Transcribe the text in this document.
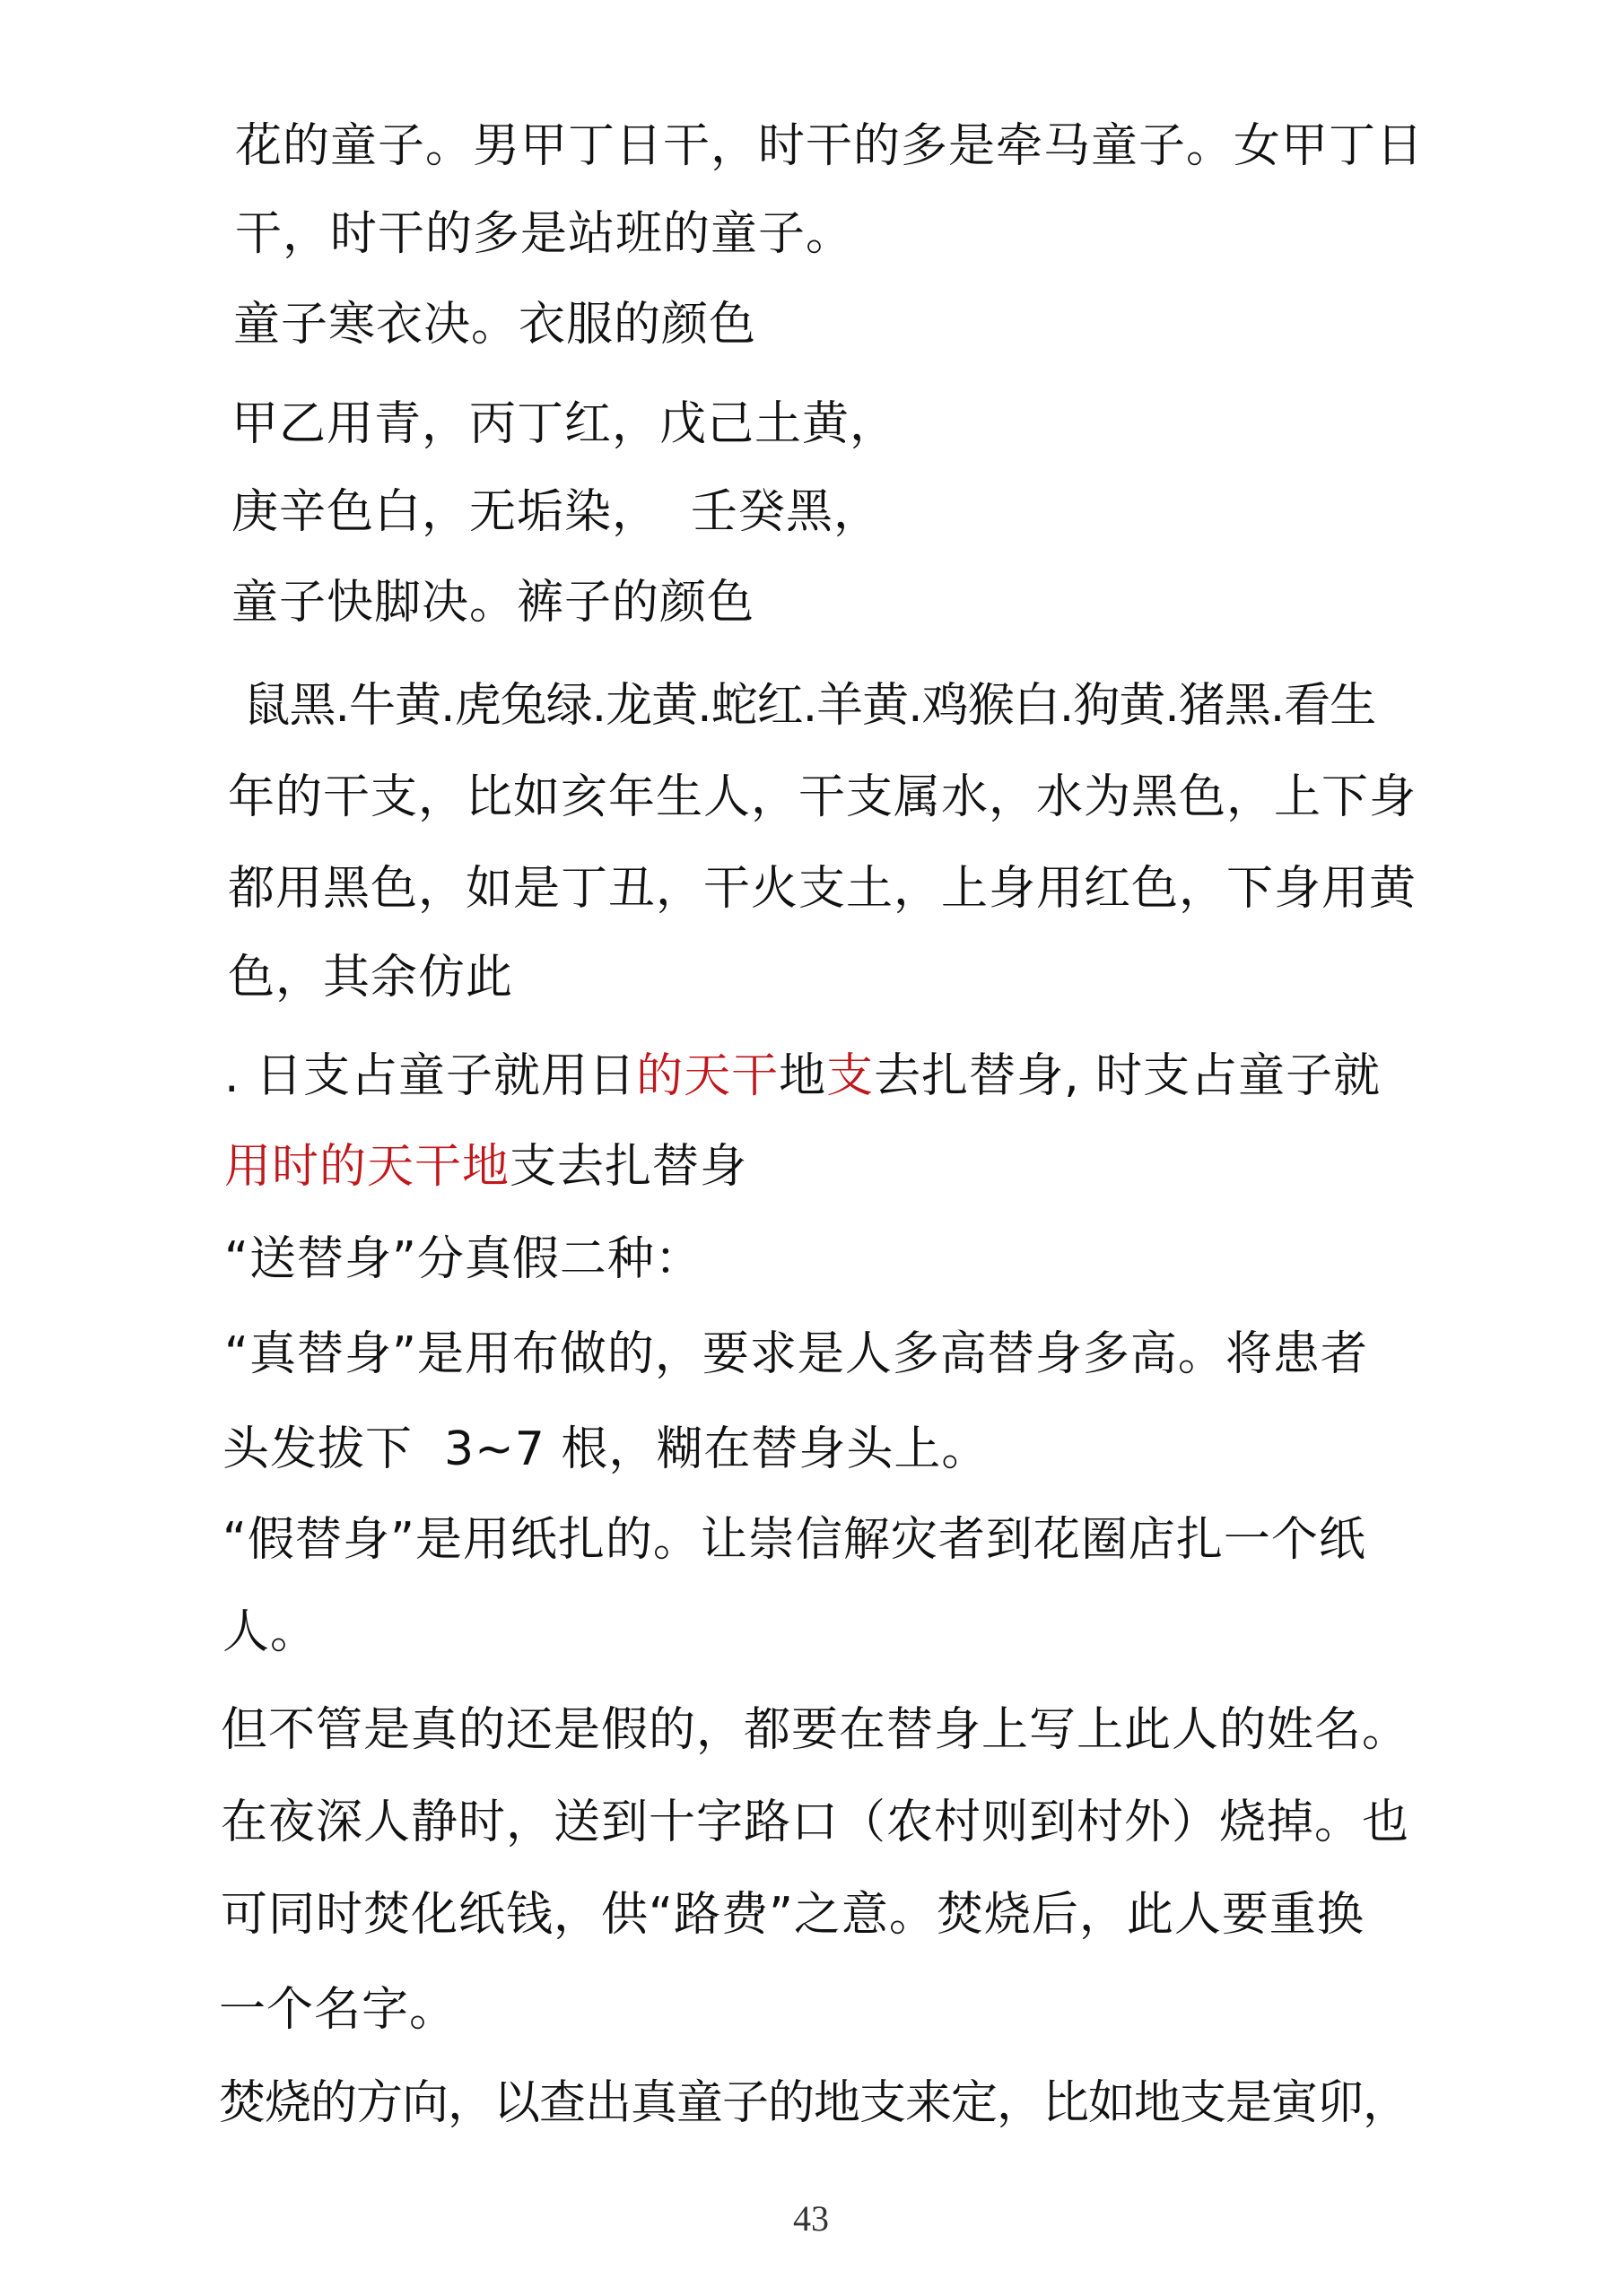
花的童子。男甲丁日干，时干的多是牵马童子。女甲丁日
干，时干的多是站班的童子。
童子寒衣决。衣服的颜色
甲乙用青，丙丁红，戊己土黄，
庚辛色白，无垢染，  壬癸黑，
童子快脚决。裤子的颜色
鼠黑.牛黄.虎兔绿.龙黄.蛇红.羊黄.鸡猴白.狗黄.猪黑.看生
年的干支，比如亥年生人，干支属水，水为黑色，上下身
都用黑色，如是丁丑，干火支土，上身用红色，下身用黄
色，其余仿此
. 日支占童子就用日的天干地支去扎替身, 时支占童子就
用时的天干地支去扎替身
“送替身”分真假二种：
“真替身”是用布做的，要求是人多高替身多高。将患者
头发拔下  3~7 根，糊在替身头上。
“假替身”是用纸扎的。让崇信解灾者到花圈店扎一个纸
人。
但不管是真的还是假的，都要在替身上写上此人的姓名。
在夜深人静时，送到十字路口（农村则到村外）烧掉。也
可同时焚化纸钱，供“路费”之意。焚烧后，此人要重换
一个名字。
焚烧的方向，以查出真童子的地支来定，比如地支是寅卯，
43
